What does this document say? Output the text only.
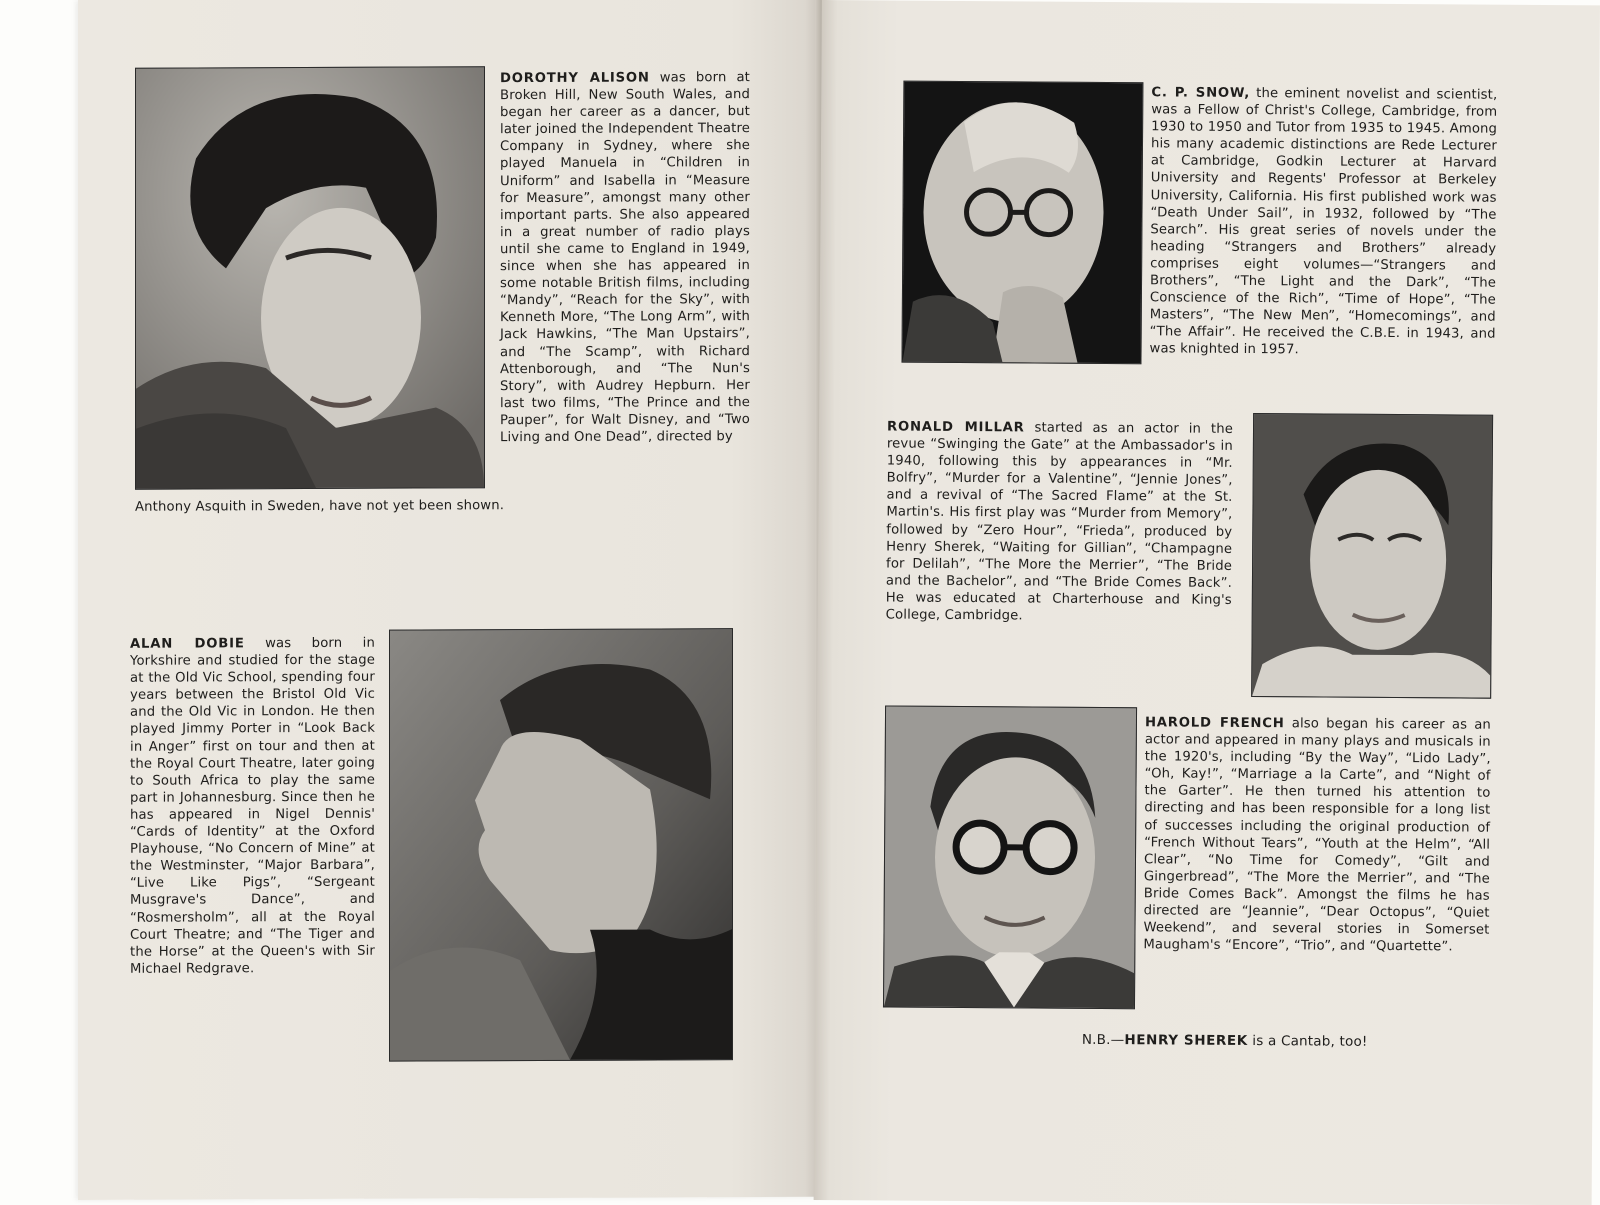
DOROTHY ALISON was born at Broken Hill, New South Wales, and began her career as a dancer, but later joined the Independent Theatre Company in Sydney, where she played Manuela in “Children in Uniform” and Isabella in “Measure for Measure”, amongst many other important parts. She also appeared in a great number of radio plays until she came to England in 1949, since when she has appeared in some notable British films, including “Mandy”, “Reach for the Sky”, with Kenneth More, “The Long Arm”, with Jack Hawkins, “The Man Upstairs”, and “The Scamp”, with Richard Attenborough, and “The Nun's Story”, with Audrey Hepburn. Her last two films, “The Prince and the Pauper”, for Walt Disney, and “Two Living and One Dead”, directed by

Anthony Asquith in Sweden, have not yet been shown.

ALAN DOBIE was born in Yorkshire and studied for the stage at the Old Vic School, spending four years between the Bristol Old Vic and the Old Vic in London. He then played Jimmy Porter in “Look Back in Anger” first on tour and then at the Royal Court Theatre, later going to South Africa to play the same part in Johannesburg. Since then he has appeared in Nigel Dennis' “Cards of Identity” at the Oxford Playhouse, “No Concern of Mine” at the Westminster, “Major Barbara”, “Live Like Pigs”, “Sergeant Musgrave's Dance”, and “Rosmersholm”, all at the Royal Court Theatre; and “The Tiger and the Horse” at the Queen's with Sir Michael Redgrave.

C. P. SNOW, the eminent novelist and scientist, was a Fellow of Christ's College, Cambridge, from 1930 to 1950 and Tutor from 1935 to 1945. Among his many academic distinctions are Rede Lecturer at Cambridge, Godkin Lecturer at Harvard University and Regents' Professor at Berkeley University, California. His first published work was “Death Under Sail”, in 1932, followed by “The Search”. His great series of novels under the heading “Strangers and Brothers” already comprises eight volumes—“Strangers and Brothers”, “The Light and the Dark”, “The Conscience of the Rich”, “Time of Hope”, “The Masters”, “The New Men”, “Homecomings”, and “The Affair”. He received the C.B.E. in 1943, and was knighted in 1957.

RONALD MILLAR started as an actor in the revue “Swinging the Gate” at the Ambassador's in 1940, following this by appearances in “Mr. Bolfry”, “Murder for a Valentine”, “Jennie Jones”, and a revival of “The Sacred Flame” at the St. Martin's. His first play was “Murder from Memory”, followed by “Zero Hour”, “Frieda”, produced by Henry Sherek, “Waiting for Gillian”, “Champagne for Delilah”, “The More the Merrier”, “The Bride and the Bachelor”, and “The Bride Comes Back”. He was educated at Charterhouse and King's College, Cambridge.

HAROLD FRENCH also began his career as an actor and appeared in many plays and musicals in the 1920's, including “By the Way”, “Lido Lady”, “Oh, Kay!”, “Marriage a la Carte”, and “Night of the Garter”. He then turned his attention to directing and has been responsible for a long list of successes including the original production of “French Without Tears”, “Youth at the Helm”, “All Clear”, “No Time for Comedy”, “Gilt and Gingerbread”, “The More the Merrier”, and “The Bride Comes Back”. Amongst the films he has directed are “Jeannie”, “Dear Octopus”, “Quiet Weekend”, and several stories in Somerset Maugham's “Encore”, “Trio”, and “Quartette”.

N.B.—HENRY SHEREK is a Cantab, too!
